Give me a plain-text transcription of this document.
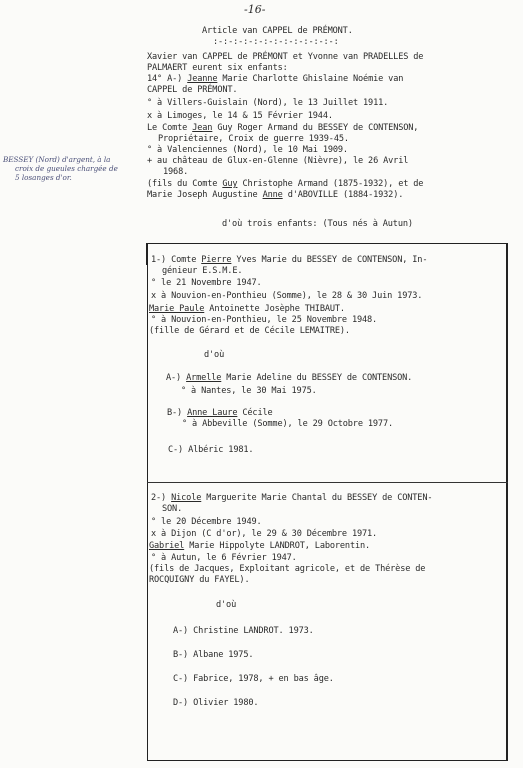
-16-
Article van CAPPEL de PRÉMONT.
:-:-:-:-:-:-:-:-:-:-:-:-:
Xavier van CAPPEL de PRÉMONT et Yvonne van PRADELLES de
PALMAERT eurent six enfants:
14° A-) Jeanne Marie Charlotte Ghislaine Noémie van
CAPPEL de PRÉMONT.
° à Villers-Guislain (Nord), le 13 Juillet 1911.
x à Limoges, le 14 & 15 Février 1944.
Le Comte Jean Guy Roger Armand du BESSEY de CONTENSON,
Propriétaire, Croix de guerre 1939-45.
° à Valenciennes (Nord), le 10 Mai 1909.
+ au château de Glux-en-Glenne (Nièvre), le 26 Avril
1968.
(fils du Comte Guy Christophe Armand (1875-1932), et de
Marie Joseph Augustine Anne d'ABOVILLE (1884-1932).
d'où trois enfants: (Tous nés à Autun)
BESSEY (Nord) d'argent, à la
croix de gueules chargée de
5 losanges d'or.
1-) Comte Pierre Yves Marie du BESSEY de CONTENSON, In-
génieur E.S.M.E.
° le 21 Novembre 1947.
x à Nouvion-en-Ponthieu (Somme), le 28 & 30 Juin 1973.
Marie Paule Antoinette Josèphe THIBAUT.
° à Nouvion-en-Ponthieu, le 25 Novembre 1948.
(fille de Gérard et de Cécile LEMAITRE).
d'où
A-) Armelle Marie Adeline du BESSEY de CONTENSON.
° à Nantes, le 30 Mai 1975.
B-) Anne Laure Cécile
° à Abbeville (Somme), le 29 Octobre 1977.
C-) Albéric 1981.
2-) Nicole Marguerite Marie Chantal du BESSEY de CONTEN-
SON.
° le 20 Décembre 1949.
x à Dijon (C d'or), le 29 & 30 Décembre 1971.
Gabriel Marie Hippolyte LANDROT, Laborentin.
° à Autun, le 6 Février 1947.
(fils de Jacques, Exploitant agricole, et de Thérèse de
ROCQUIGNY du FAYEL).
d'où
A-) Christine LANDROT. 1973.
B-) Albane 1975.
C-) Fabrice, 1978, + en bas âge.
D-) Olivier 1980.
